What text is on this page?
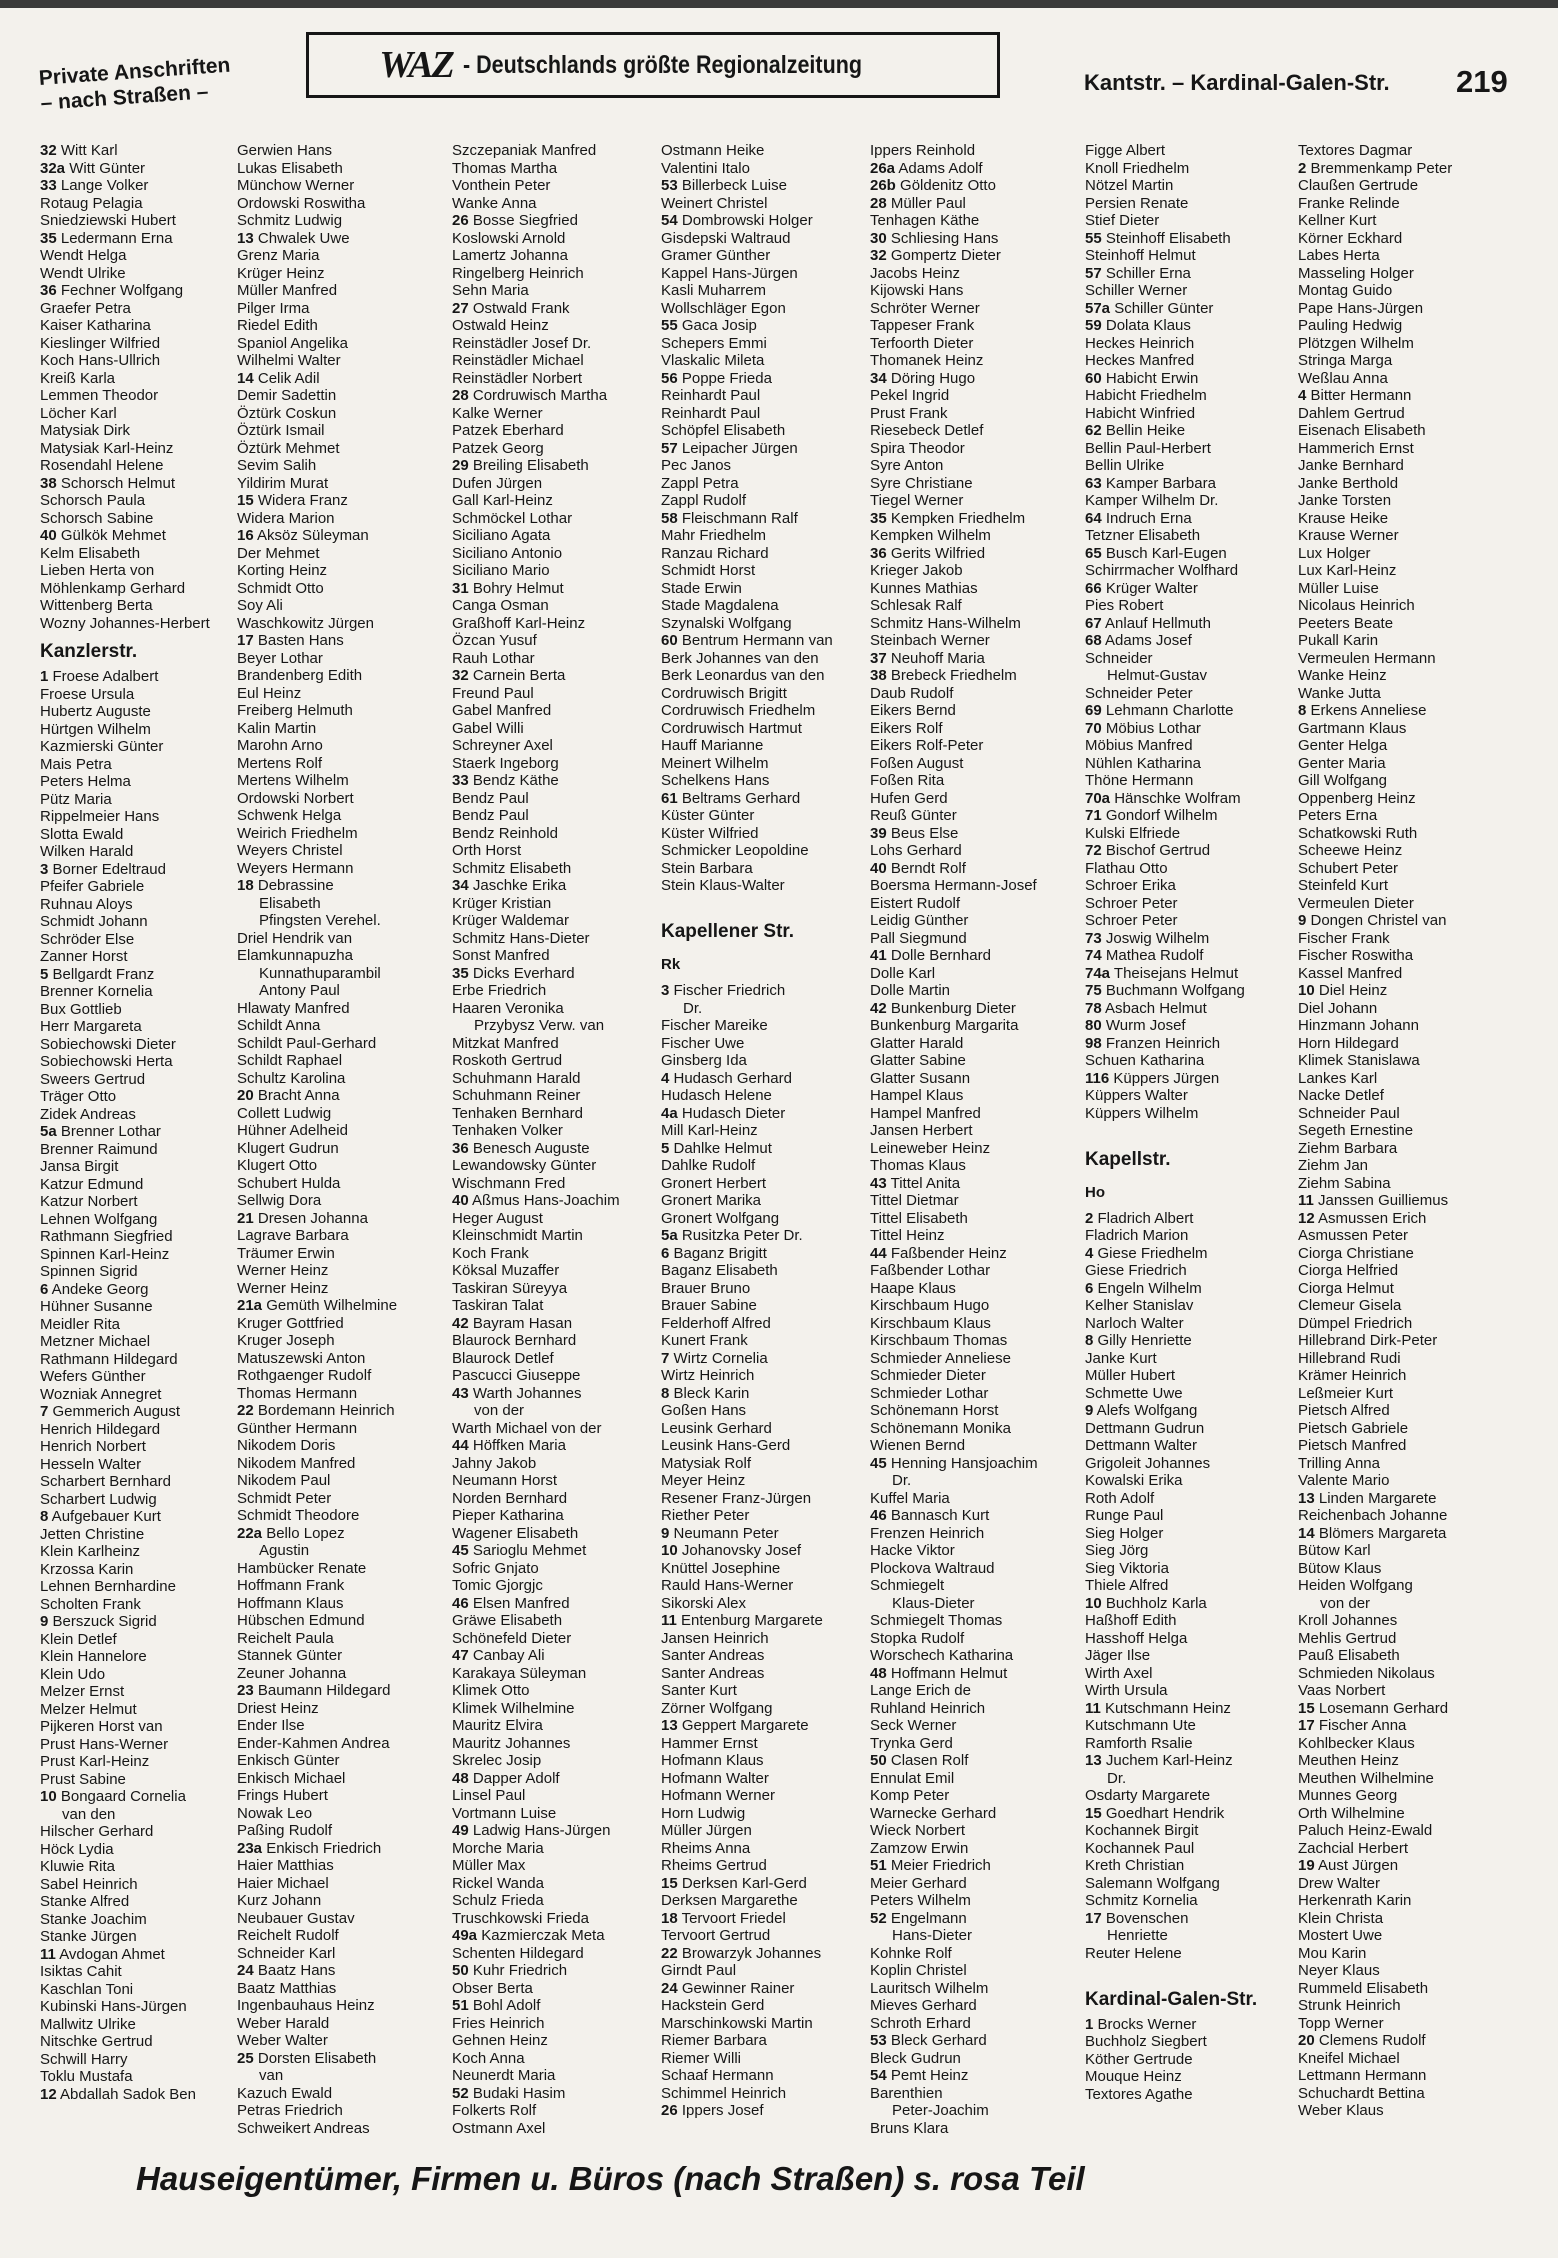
Private Anschriften
– nach Straßen –
WAZ - Deutschlands größte Regionalzeitung
Kantstr. – Kardinal-Galen-Str. 219
32 Witt Karl
32a Witt Günter
33 Lange Volker
Rotaug Pelagia
Sniedziewski Hubert
35 Ledermann Erna
Wendt Helga
Wendt Ulrike
36 Fechner Wolfgang
Graefer Petra
Kaiser Katharina
Kieslinger Wilfried
Koch Hans-Ullrich
Kreiß Karla
Lemmen Theodor
Löcher Karl
Matysiak Dirk
Matysiak Karl-Heinz
Rosendahl Helene
38 Schorsch Helmut
Schorsch Paula
Schorsch Sabine
40 Gülkök Mehmet
Kelm Elisabeth
Lieben Herta von
Möhlenkamp Gerhard
Wittenberg Berta
Wozny Johannes-Herbert
Kanzlerstr.
1 Froese Adalbert
Froese Ursula
Hubertz Auguste
Hürtgen Wilhelm
Kazmierski Günter
Mais Petra
Peters Helma
Pütz Maria
Rippelmeier Hans
Slotta Ewald
Wilken Harald
3 Borner Edeltraud
Pfeifer Gabriele
Ruhnau Aloys
Schmidt Johann
Schröder Else
Zanner Horst
5 Bellgardt Franz
Brenner Kornelia
Bux Gottlieb
Herr Margareta
Sobiechowski Dieter
Sobiechowski Herta
Sweers Gertrud
Träger Otto
Zidek Andreas
5a Brenner Lothar
Brenner Raimund
Jansa Birgit
Katzur Edmund
Katzur Norbert
Lehnen Wolfgang
Rathmann Siegfried
Spinnen Karl-Heinz
Spinnen Sigrid
6 Andeke Georg
Hühner Susanne
Meidler Rita
Metzner Michael
Rathmann Hildegard
Wefers Günther
Wozniak Annegret
7 Gemmerich August
Henrich Hildegard
Henrich Norbert
Hesseln Walter
Scharbert Bernhard
Scharbert Ludwig
8 Aufgebauer Kurt
Jetten Christine
Klein Karlheinz
Krzossa Karin
Lehnen Bernhardine
Scholten Frank
9 Berszuck Sigrid
Klein Detlef
Klein Hannelore
Klein Udo
Melzer Ernst
Melzer Helmut
Pijkeren Horst van
Prust Hans-Werner
Prust Karl-Heinz
Prust Sabine
10 Bongaard Cornelia
van den
Hilscher Gerhard
Höck Lydia
Kluwie Rita
Sabel Heinrich
Stanke Alfred
Stanke Joachim
Stanke Jürgen
11 Avdogan Ahmet
Isiktas Cahit
Kaschlan Toni
Kubinski Hans-Jürgen
Mallwitz Ulrike
Nitschke Gertrud
Schwill Harry
Toklu Mustafa
12 Abdallah Sadok Ben
Gerwien Hans
Lukas Elisabeth
Münchow Werner
Ordowski Roswitha
Schmitz Ludwig
13 Chwalek Uwe
Grenz Maria
Krüger Heinz
Müller Manfred
Pilger Irma
Riedel Edith
Spaniol Angelika
Wilhelmi Walter
14 Celik Adil
Demir Sadettin
Öztürk Coskun
Öztürk Ismail
Öztürk Mehmet
Sevim Salih
Yildirim Murat
15 Widera Franz
Widera Marion
16 Aksöz Süleyman
Der Mehmet
Korting Heinz
Schmidt Otto
Soy Ali
Waschkowitz Jürgen
17 Basten Hans
Beyer Lothar
Brandenberg Edith
Eul Heinz
Freiberg Helmuth
Kalin Martin
Marohn Arno
Mertens Rolf
Mertens Wilhelm
Ordowski Norbert
Schwenk Helga
Weirich Friedhelm
Weyers Christel
Weyers Hermann
18 Debrassine
Elisabeth
Pfingsten Verehel.
Driel Hendrik van
Elamkunnapuzha
Kunnathuparambil
Antony Paul
Hlawaty Manfred
Schildt Anna
Schildt Paul-Gerhard
Schildt Raphael
Schultz Karolina
20 Bracht Anna
Collett Ludwig
Hühner Adelheid
Klugert Gudrun
Klugert Otto
Schubert Hulda
Sellwig Dora
21 Dresen Johanna
Lagrave Barbara
Träumer Erwin
Werner Heinz
Werner Heinz
21a Gemüth Wilhelmine
Kruger Gottfried
Kruger Joseph
Matuszewski Anton
Rothgaenger Rudolf
Thomas Hermann
22 Bordemann Heinrich
Günther Hermann
Nikodem Doris
Nikodem Manfred
Nikodem Paul
Schmidt Peter
Schmidt Theodore
22a Bello Lopez
Agustin
Hambücker Renate
Hoffmann Frank
Hoffmann Klaus
Hübschen Edmund
Reichelt Paula
Stannek Günter
Zeuner Johanna
23 Baumann Hildegard
Driest Heinz
Ender Ilse
Ender-Kahmen Andrea
Enkisch Günter
Enkisch Michael
Frings Hubert
Nowak Leo
Paßing Rudolf
23a Enkisch Friedrich
Haier Matthias
Haier Michael
Kurz Johann
Neubauer Gustav
Reichelt Rudolf
Schneider Karl
24 Baatz Hans
Baatz Matthias
Ingenbauhaus Heinz
Weber Harald
Weber Walter
25 Dorsten Elisabeth
van
Kazuch Ewald
Petras Friedrich
Schweikert Andreas
Szczepaniak Manfred
Thomas Martha
Vonthein Peter
Wanke Anna
26 Bosse Siegfried
Koslowski Arnold
Lamertz Johanna
Ringelberg Heinrich
Sehn Maria
27 Ostwald Frank
Ostwald Heinz
Reinstädler Josef Dr.
Reinstädler Michael
Reinstädler Norbert
28 Cordruwisch Martha
Kalke Werner
Patzek Eberhard
Patzek Georg
29 Breiling Elisabeth
Dufen Jürgen
Gall Karl-Heinz
Schmöckel Lothar
Siciliano Agata
Siciliano Antonio
Siciliano Mario
31 Bohry Helmut
Canga Osman
Graßhoff Karl-Heinz
Özcan Yusuf
Rauh Lothar
32 Carnein Berta
Freund Paul
Gabel Manfred
Gabel Willi
Schreyner Axel
Staerk Ingeborg
33 Bendz Käthe
Bendz Paul
Bendz Paul
Bendz Reinhold
Orth Horst
Schmitz Elisabeth
34 Jaschke Erika
Krüger Kristian
Krüger Waldemar
Schmitz Hans-Dieter
Sonst Manfred
35 Dicks Everhard
Erbe Friedrich
Haaren Veronika
Przybysz Verw. van
Mitzkat Manfred
Roskoth Gertrud
Schuhmann Harald
Schuhmann Reiner
Tenhaken Bernhard
Tenhaken Volker
36 Benesch Auguste
Lewandowsky Günter
Wischmann Fred
40 Aßmus Hans-Joachim
Heger August
Kleinschmidt Martin
Koch Frank
Köksal Muzaffer
Taskiran Süreyya
Taskiran Talat
42 Bayram Hasan
Blaurock Bernhard
Blaurock Detlef
Pascucci Giuseppe
43 Warth Johannes
von der
Warth Michael von der
44 Höffken Maria
Jahny Jakob
Neumann Horst
Norden Bernhard
Pieper Katharina
Wagener Elisabeth
45 Sarioglu Mehmet
Sofric Gnjato
Tomic Gjorgjc
46 Elsen Manfred
Gräwe Elisabeth
Schönefeld Dieter
47 Canbay Ali
Karakaya Süleyman
Klimek Otto
Klimek Wilhelmine
Mauritz Elvira
Mauritz Johannes
Skrelec Josip
48 Dapper Adolf
Linsel Paul
Vortmann Luise
49 Ladwig Hans-Jürgen
Morche Maria
Müller Max
Rickel Wanda
Schulz Frieda
Truschkowski Frieda
49a Kazmierczak Meta
Schenten Hildegard
50 Kuhr Friedrich
Obser Berta
51 Bohl Adolf
Fries Heinrich
Gehnen Heinz
Koch Anna
Neunerdt Maria
52 Budaki Hasim
Folkerts Rolf
Ostmann Axel
Ostmann Heike
Valentini Italo
53 Billerbeck Luise
Weinert Christel
54 Dombrowski Holger
Gisdepski Waltraud
Gramer Günther
Kappel Hans-Jürgen
Kasli Muharrem
Wollschläger Egon
55 Gaca Josip
Schepers Emmi
Vlaskalic Mileta
56 Poppe Frieda
Reinhardt Paul
Reinhardt Paul
Schöpfel Elisabeth
57 Leipacher Jürgen
Pec Janos
Zappl Petra
Zappl Rudolf
58 Fleischmann Ralf
Mahr Friedhelm
Ranzau Richard
Schmidt Horst
Stade Erwin
Stade Magdalena
Szynalski Wolfgang
60 Bentrum Hermann van
Berk Johannes van den
Berk Leonardus van den
Cordruwisch Brigitt
Cordruwisch Friedhelm
Cordruwisch Hartmut
Hauff Marianne
Meinert Wilhelm
Schelkens Hans
61 Beltrams Gerhard
Küster Günter
Küster Wilfried
Schmicker Leopoldine
Stein Barbara
Stein Klaus-Walter
Kapellener Str.
Rk
3 Fischer Friedrich
Dr.
Fischer Mareike
Fischer Uwe
Ginsberg Ida
4 Hudasch Gerhard
Hudasch Helene
4a Hudasch Dieter
Mill Karl-Heinz
5 Dahlke Helmut
Dahlke Rudolf
Gronert Herbert
Gronert Marika
Gronert Wolfgang
5a Rusitzka Peter Dr.
6 Baganz Brigitt
Baganz Elisabeth
Brauer Bruno
Brauer Sabine
Felderhoff Alfred
Kunert Frank
7 Wirtz Cornelia
Wirtz Heinrich
8 Bleck Karin
Goßen Hans
Leusink Gerhard
Leusink Hans-Gerd
Matysiak Rolf
Meyer Heinz
Resener Franz-Jürgen
Riether Peter
9 Neumann Peter
10 Johanovsky Josef
Knüttel Josephine
Rauld Hans-Werner
Sikorski Alex
11 Entenburg Margarete
Jansen Heinrich
Santer Andreas
Santer Andreas
Santer Kurt
Zörner Wolfgang
13 Geppert Margarete
Hammer Ernst
Hofmann Klaus
Hofmann Walter
Hofmann Werner
Horn Ludwig
Müller Jürgen
Rheims Anna
Rheims Gertrud
15 Derksen Karl-Gerd
Derksen Margarethe
18 Tervoort Friedel
Tervoort Gertrud
22 Browarzyk Johannes
Girndt Paul
24 Gewinner Rainer
Hackstein Gerd
Marschinkowski Martin
Riemer Barbara
Riemer Willi
Schaaf Hermann
Schimmel Heinrich
26 Ippers Josef
Ippers Reinhold
26a Adams Adolf
26b Göldenitz Otto
28 Müller Paul
Tenhagen Käthe
30 Schliesing Hans
32 Gompertz Dieter
Jacobs Heinz
Kijowski Hans
Schröter Werner
Tappeser Frank
Terfoorth Dieter
Thomanek Heinz
34 Döring Hugo
Pekel Ingrid
Prust Frank
Riesebeck Detlef
Spira Theodor
Syre Anton
Syre Christiane
Tiegel Werner
35 Kempken Friedhelm
Kempken Wilhelm
36 Gerits Wilfried
Krieger Jakob
Kunnes Mathias
Schlesak Ralf
Schmitz Hans-Wilhelm
Steinbach Werner
37 Neuhoff Maria
38 Brebeck Friedhelm
Daub Rudolf
Eikers Bernd
Eikers Rolf
Eikers Rolf-Peter
Foßen August
Foßen Rita
Hufen Gerd
Reuß Günter
39 Beus Else
Lohs Gerhard
40 Berndt Rolf
Boersma Hermann-Josef
Eistert Rudolf
Leidig Günther
Pall Siegmund
41 Dolle Bernhard
Dolle Karl
Dolle Martin
42 Bunkenburg Dieter
Bunkenburg Margarita
Glatter Harald
Glatter Sabine
Glatter Susann
Hampel Klaus
Hampel Manfred
Jansen Herbert
Leineweber Heinz
Thomas Klaus
43 Tittel Anita
Tittel Dietmar
Tittel Elisabeth
Tittel Heinz
44 Faßbender Heinz
Faßbender Lothar
Haape Klaus
Kirschbaum Hugo
Kirschbaum Klaus
Kirschbaum Thomas
Schmieder Anneliese
Schmieder Dieter
Schmieder Lothar
Schönemann Horst
Schönemann Monika
Wienen Bernd
45 Henning Hansjoachim
Dr.
Kuffel Maria
46 Bannasch Kurt
Frenzen Heinrich
Hacke Viktor
Plockova Waltraud
Schmiegelt
Klaus-Dieter
Schmiegelt Thomas
Stopka Rudolf
Worschech Katharina
48 Hoffmann Helmut
Lange Erich de
Ruhland Heinrich
Seck Werner
Trynka Gerd
50 Clasen Rolf
Ennulat Emil
Komp Peter
Warnecke Gerhard
Wieck Norbert
Zamzow Erwin
51 Meier Friedrich
Meier Gerhard
Peters Wilhelm
52 Engelmann
Hans-Dieter
Kohnke Rolf
Koplin Christel
Lauritsch Wilhelm
Mieves Gerhard
Schroth Erhard
53 Bleck Gerhard
Bleck Gudrun
54 Pemt Heinz
Barenthien
Peter-Joachim
Bruns Klara
Figge Albert
Knoll Friedhelm
Nötzel Martin
Persien Renate
Stief Dieter
55 Steinhoff Elisabeth
Steinhoff Helmut
57 Schiller Erna
Schiller Werner
57a Schiller Günter
59 Dolata Klaus
Heckes Heinrich
Heckes Manfred
60 Habicht Erwin
Habicht Friedhelm
Habicht Winfried
62 Bellin Heike
Bellin Paul-Herbert
Bellin Ulrike
63 Kamper Barbara
Kamper Wilhelm Dr.
64 Indruch Erna
Tetzner Elisabeth
65 Busch Karl-Eugen
Schirrmacher Wolfhard
66 Krüger Walter
Pies Robert
67 Anlauf Hellmuth
68 Adams Josef
Schneider
Helmut-Gustav
Schneider Peter
69 Lehmann Charlotte
70 Möbius Lothar
Möbius Manfred
Nühlen Katharina
Thöne Hermann
70a Hänschke Wolfram
71 Gondorf Wilhelm
Kulski Elfriede
72 Bischof Gertrud
Flathau Otto
Schroer Erika
Schroer Peter
Schroer Peter
73 Joswig Wilhelm
74 Mathea Rudolf
74a Theisejans Helmut
75 Buchmann Wolfgang
78 Asbach Helmut
80 Wurm Josef
98 Franzen Heinrich
Schuen Katharina
116 Küppers Jürgen
Küppers Walter
Küppers Wilhelm
Kapellstr.
Ho
2 Fladrich Albert
Fladrich Marion
4 Giese Friedhelm
Giese Friedrich
6 Engeln Wilhelm
Kelher Stanislav
Narloch Walter
8 Gilly Henriette
Janke Kurt
Müller Hubert
Schmette Uwe
9 Alefs Wolfgang
Dettmann Gudrun
Dettmann Walter
Grigoleit Johannes
Kowalski Erika
Roth Adolf
Runge Paul
Sieg Holger
Sieg Jörg
Sieg Viktoria
Thiele Alfred
10 Buchholz Karla
Haßhoff Edith
Hasshoff Helga
Jäger Ilse
Wirth Axel
Wirth Ursula
11 Kutschmann Heinz
Kutschmann Ute
Ramforth Rsalie
13 Juchem Karl-Heinz
Dr.
Osdarty Margarete
15 Goedhart Hendrik
Kochannek Birgit
Kochannek Paul
Kreth Christian
Salemann Wolfgang
Schmitz Kornelia
17 Bovenschen
Henriette
Reuter Helene
Kardinal-Galen-Str.
1 Brocks Werner
Buchholz Siegbert
Köther Gertrude
Mouque Heinz
Textores Agathe
Textores Dagmar
2 Bremmenkamp Peter
Claußen Gertrude
Franke Relinde
Kellner Kurt
Körner Eckhard
Labes Herta
Masseling Holger
Montag Guido
Pape Hans-Jürgen
Pauling Hedwig
Plötzgen Wilhelm
Stringa Marga
Weßlau Anna
4 Bitter Hermann
Dahlem Gertrud
Eisenach Elisabeth
Hammerich Ernst
Janke Bernhard
Janke Berthold
Janke Torsten
Krause Heike
Krause Werner
Lux Holger
Lux Karl-Heinz
Müller Luise
Nicolaus Heinrich
Peeters Beate
Pukall Karin
Vermeulen Hermann
Wanke Heinz
Wanke Jutta
8 Erkens Anneliese
Gartmann Klaus
Genter Helga
Genter Maria
Gill Wolfgang
Oppenberg Heinz
Peters Erna
Schatkowski Ruth
Scheewe Heinz
Schubert Peter
Steinfeld Kurt
Vermeulen Dieter
9 Dongen Christel van
Fischer Frank
Fischer Roswitha
Kassel Manfred
10 Diel Heinz
Diel Johann
Hinzmann Johann
Horn Hildegard
Klimek Stanislawa
Lankes Karl
Nacke Detlef
Schneider Paul
Segeth Ernestine
Ziehm Barbara
Ziehm Jan
Ziehm Sabina
11 Janssen Guilliemus
12 Asmussen Erich
Asmussen Peter
Ciorga Christiane
Ciorga Helfried
Ciorga Helmut
Clemeur Gisela
Dümpel Friedrich
Hillebrand Dirk-Peter
Hillebrand Rudi
Krämer Heinrich
Leßmeier Kurt
Pietsch Alfred
Pietsch Gabriele
Pietsch Manfred
Trilling Anna
Valente Mario
13 Linden Margarete
Reichenbach Johanne
14 Blömers Margareta
Bütow Karl
Bütow Klaus
Heiden Wolfgang
von der
Kroll Johannes
Mehlis Gertrud
Pauß Elisabeth
Schmieden Nikolaus
Vaas Norbert
15 Losemann Gerhard
17 Fischer Anna
Kohlbecker Klaus
Meuthen Heinz
Meuthen Wilhelmine
Munnes Georg
Orth Wilhelmine
Paluch Heinz-Ewald
Zachcial Herbert
19 Aust Jürgen
Drew Walter
Herkenrath Karin
Klein Christa
Mostert Uwe
Mou Karin
Neyer Klaus
Rummeld Elisabeth
Strunk Heinrich
Topp Werner
20 Clemens Rudolf
Kneifel Michael
Lettmann Hermann
Schuchardt Bettina
Weber Klaus
Hauseigentümer, Firmen u. Büros (nach Straßen) s. rosa Teil
